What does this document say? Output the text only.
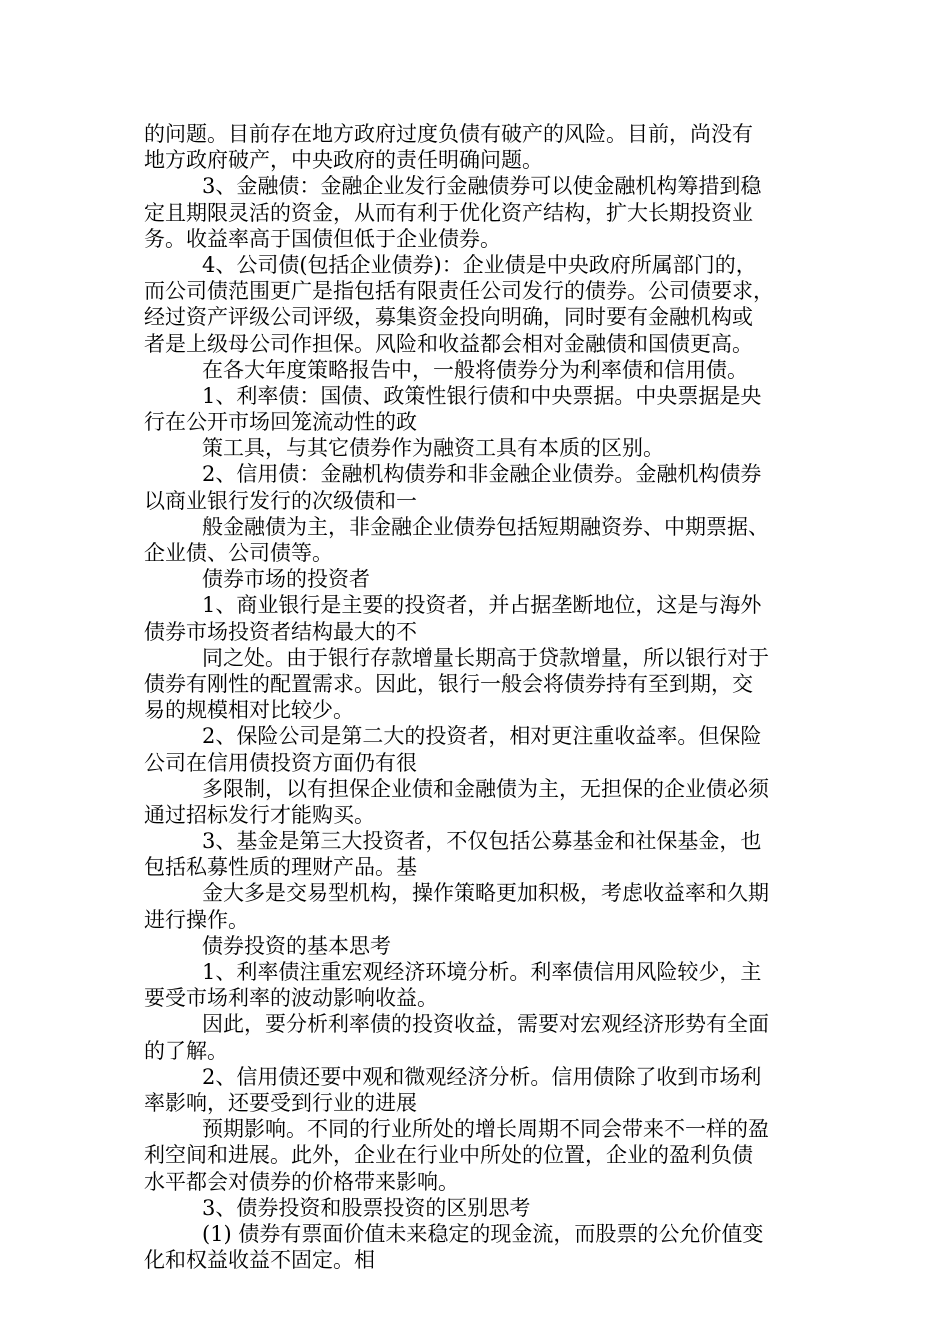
的问题。目前存在地方政府过度负债有破产的风险。目前，尚没有
地方政府破产，中央政府的责任明确问题。
3、金融债：金融企业发行金融债券可以使金融机构筹措到稳
定且期限灵活的资金，从而有利于优化资产结构，扩大长期投资业
务。收益率高于国债但低于企业债券。
4、公司债(包括企业债券)：企业债是中央政府所属部门的，
而公司债范围更广是指包括有限责任公司发行的债券。公司债要求，
经过资产评级公司评级，募集资金投向明确，同时要有金融机构或
者是上级母公司作担保。风险和收益都会相对金融债和国债更高。
在各大年度策略报告中，一般将债券分为利率债和信用债。
1、利率债：国债、政策性银行债和中央票据。中央票据是央
行在公开市场回笼流动性的政
策工具，与其它债券作为融资工具有本质的区别。
2、信用债：金融机构债券和非金融企业债券。金融机构债券
以商业银行发行的次级债和一
般金融债为主，非金融企业债券包括短期融资券、中期票据、
企业债、公司债等。
债券市场的投资者
1、商业银行是主要的投资者，并占据垄断地位，这是与海外
债券市场投资者结构最大的不
同之处。由于银行存款增量长期高于贷款增量，所以银行对于
债券有刚性的配置需求。因此，银行一般会将债券持有至到期，交
易的规模相对比较少。
2、保险公司是第二大的投资者，相对更注重收益率。但保险
公司在信用债投资方面仍有很
多限制，以有担保企业债和金融债为主，无担保的企业债必须
通过招标发行才能购买。
3、基金是第三大投资者，不仅包括公募基金和社保基金，也
包括私募性质的理财产品。基
金大多是交易型机构，操作策略更加积极，考虑收益率和久期
进行操作。
债券投资的基本思考
1、利率债注重宏观经济环境分析。利率债信用风险较少，主
要受市场利率的波动影响收益。
因此，要分析利率债的投资收益，需要对宏观经济形势有全面
的了解。
2、信用债还要中观和微观经济分析。信用债除了收到市场利
率影响，还要受到行业的进展
预期影响。不同的行业所处的增长周期不同会带来不一样的盈
利空间和进展。此外，企业在行业中所处的位置，企业的盈利负债
水平都会对债券的价格带来影响。
3、债券投资和股票投资的区别思考
(1) 债券有票面价值未来稳定的现金流，而股票的公允价值变
化和权益收益不固定。相
